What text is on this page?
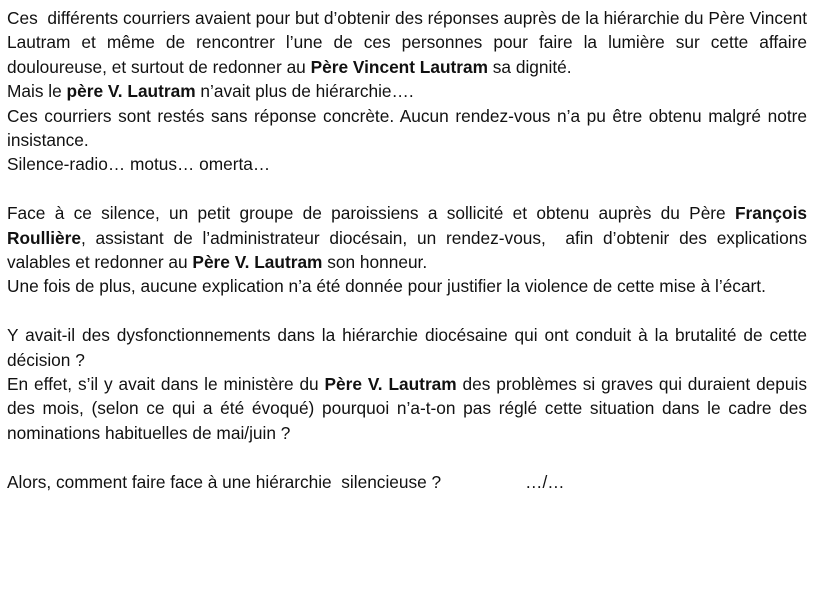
Ces  différents courriers avaient pour but d’obtenir des réponses auprès de la hiérarchie du Père Vincent Lautram et même de rencontrer l’une de ces personnes pour faire la lumière sur cette affaire douloureuse, et surtout de redonner au Père Vincent Lautram sa dignité.

Mais le père V. Lautram n’avait plus de hiérarchie….

Ces courriers sont restés sans réponse concrète. Aucun rendez-vous n’a pu être obtenu malgré notre insistance.

Silence-radio… motus… omerta…

Face à ce silence, un petit groupe de paroissiens a sollicité et obtenu auprès du Père François Roullière, assistant de l’administrateur diocésain, un rendez-vous,  afin d’obtenir des explications valables et redonner au Père V. Lautram son honneur.

Une fois de plus, aucune explication n’a été donnée pour justifier la violence de cette mise à l’écart.

Y avait-il des dysfonctionnements dans la hiérarchie diocésaine qui ont conduit à la brutalité de cette décision ?

En effet, s’il y avait dans le ministère du Père V. Lautram des problèmes si graves qui duraient depuis des mois, (selon ce qui a été évoqué) pourquoi n’a-t-on pas réglé cette situation dans le cadre des nominations habituelles de mai/juin ?

Alors, comment faire face à une hiérarchie  silencieuse ?	…/…
